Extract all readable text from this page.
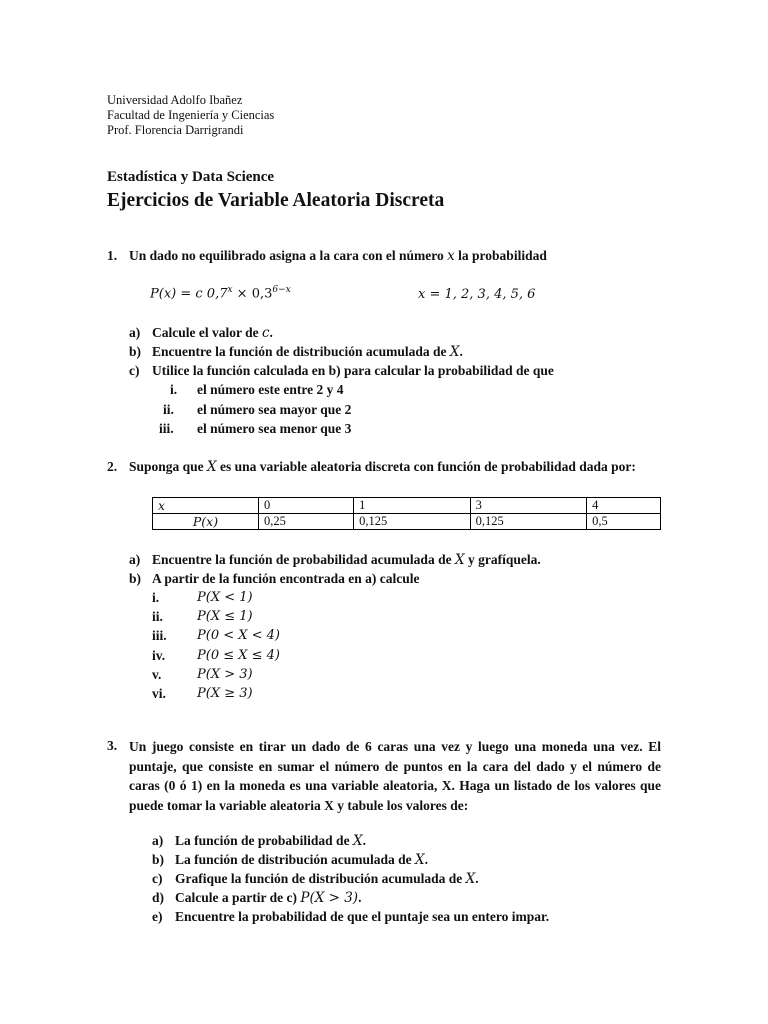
Universidad Adolfo Ibañez
Facultad de Ingeniería y Ciencias
Prof. Florencia Darrigrandi
Estadística y Data Science
Ejercicios de Variable Aleatoria Discreta
1. Un dado no equilibrado asigna a la cara con el número x la probabilidad
P(x) = c $0,7^x \times 0,3^{6-x}$	x = 1, 2, 3, 4, 5, 6
a) Calcule el valor de c.
b) Encuentre la función de distribución acumulada de X.
c) Utilice la función calculada en b) para calcular la probabilidad de que
i. el número este entre 2 y 4
ii. el número sea mayor que 2
iii. el número sea menor que 3
2. Suponga que X es una variable aleatoria discreta con función de probabilidad dada por:
x	0	1	3	4
P(x)	0,25	0,125	0,125	0,5
a) Encuentre la función de probabilidad acumulada de X y grafíquela.
b) A partir de la función encontrada en a) calcule
i.	P(X < 1)
ii.	P(X ≤ 1)
iii. P(0 < X < 4)
iv. P(0 ≤ X ≤ 4)
v.	P(X > 3)
vi. P(X ≥ 3)
3. Un juego consiste en tirar un dado de 6 caras una vez y luego una moneda una vez. El
puntaje, que consiste en sumar el número de puntos en la cara del dado y el número de
caras (0 ó 1) en la moneda es una variable aleatoria, X. Haga un listado de los valores que
puede tomar la variable aleatoria X y tabule los valores de:
a) La función de probabilidad de X.
b) La función de distribución acumulada de X.
c) Grafique la función de distribución acumulada de X.
d) Calcule a partir de c) P(X > 3).
e) Encuentre la probabilidad de que el puntaje sea un entero impar.
